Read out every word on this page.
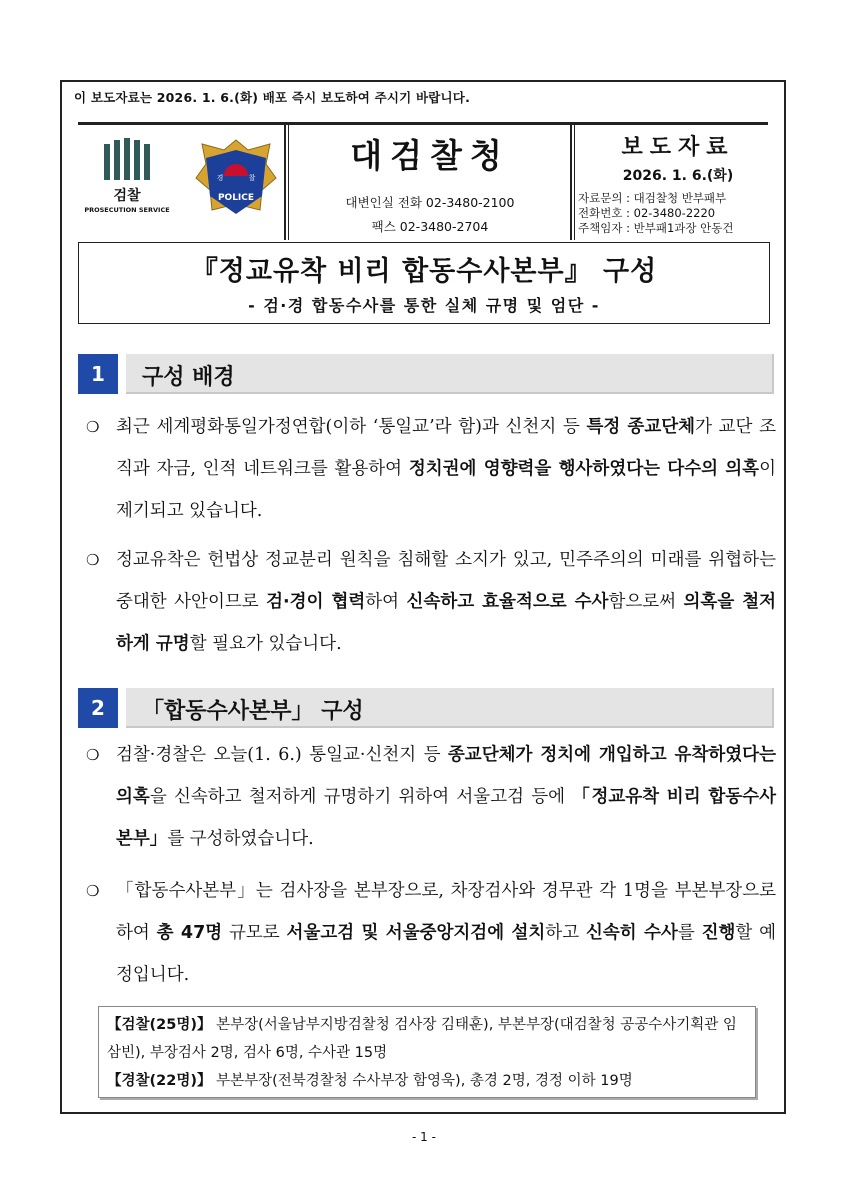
이 보도자료는 2026. 1. 6.(화) 배포 즉시 보도하여 주시기 바랍니다.
검찰
PROSECUTION SERVICE
경	찰
POLICE
대검찰청
대변인실 전화 02-3480-2100
팩스 02-3480-2704
보도자료
2026. 1. 6.(화)
자료문의 : 대검찰청 반부패부
전화번호 : 02-3480-2220
주책임자 : 반부패1과장 안동건
『정교유착 비리 합동수사본부』 구성
- 검·경 합동수사를 통한 실체 규명 및 엄단 -
1	구성 배경
❍ 최근 세계평화통일가정연합(이하 ‘통일교’라 함)과 신천지 등 특정 종교단체가 교단 조직과 자금, 인적 네트워크를 활용하여 정치권에 영향력을 행사하였다는 다수의 의혹이 제기되고 있습니다.
❍ 정교유착은 헌법상 정교분리 원칙을 침해할 소지가 있고, 민주주의의 미래를 위협하는 중대한 사안이므로 검·경이 협력하여 신속하고 효율적으로 수사함으로써 의혹을 철저하게 규명할 필요가 있습니다.
2	「합동수사본부」 구성
❍ 검찰·경찰은 오늘(1. 6.) 통일교·신천지 등 종교단체가 정치에 개입하고 유착하였다는 의혹을 신속하고 철저하게 규명하기 위하여 서울고검 등에 「정교유착 비리 합동수사본부」를 구성하였습니다.
❍ 「합동수사본부」는 검사장을 본부장으로, 차장검사와 경무관 각 1명을 부본부장으로 하여 총 47명 규모로 서울고검 및 서울중앙지검에 설치하고 신속히 수사를 진행할 예정입니다.
【검찰(25명)】 본부장(서울남부지방검찰청 검사장 김태훈), 부본부장(대검찰청 공공수사기획관 임삼빈), 부장검사 2명, 검사 6명, 수사관 15명
【경찰(22명)】 부본부장(전북경찰청 수사부장 함영욱), 총경 2명, 경정 이하 19명
- 1 -
